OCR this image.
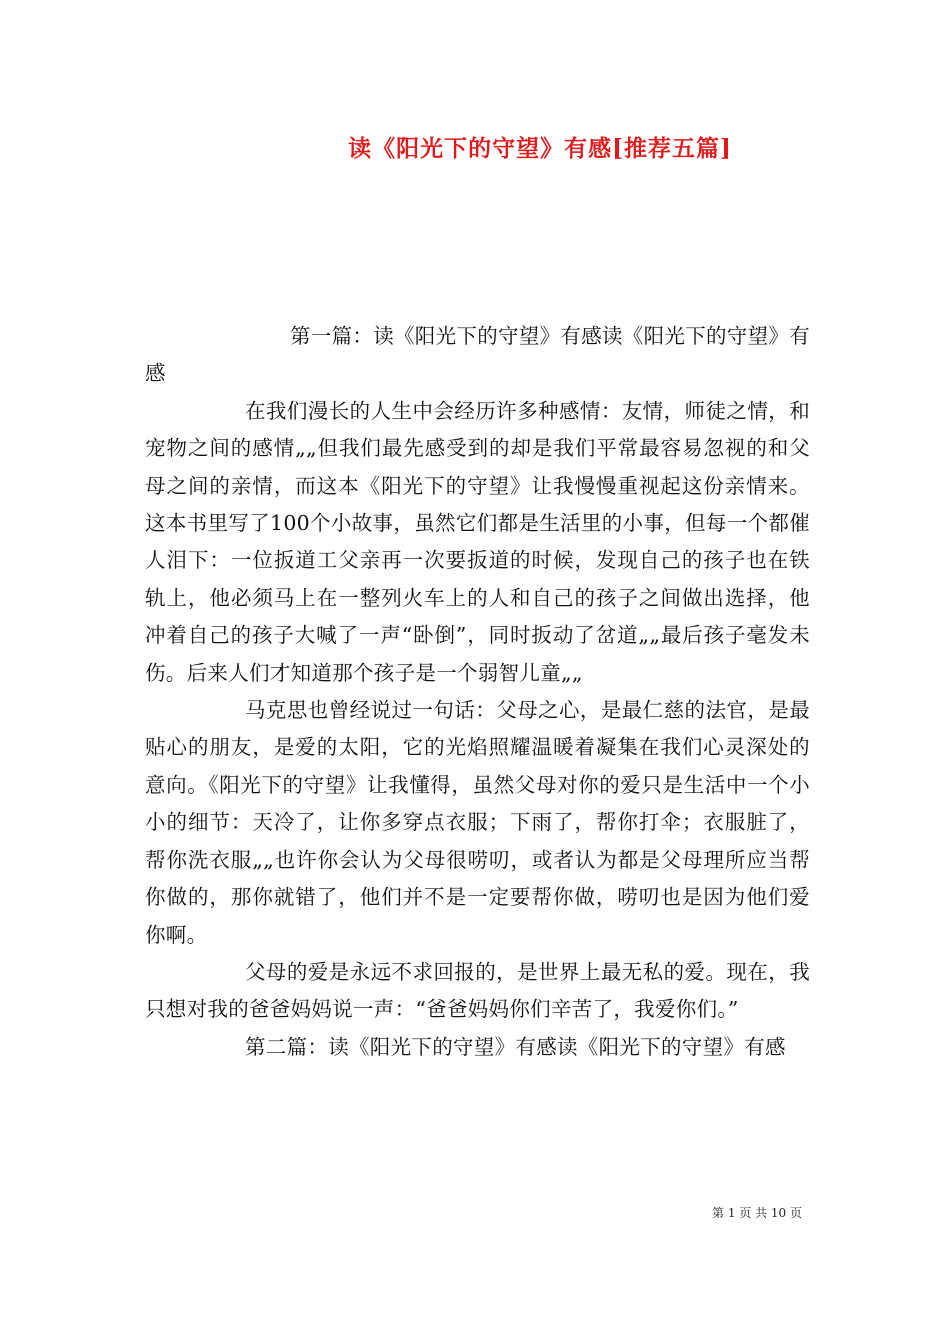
读《阳光下的守望》有感[推荐五篇]

第一篇：读《阳光下的守望》有感读《阳光下的守望》有感

在我们漫长的人生中会经历许多种感情：友情，师徒之情，和宠物之间的感情„„但我们最先感受到的却是我们平常最容易忽视的和父母之间的亲情，而这本《阳光下的守望》让我慢慢重视起这份亲情来。这本书里写了100个小故事，虽然它们都是生活里的小事，但每一个都催人泪下：一位扳道工父亲再一次要扳道的时候，发现自己的孩子也在铁轨上，他必须马上在一整列火车上的人和自己的孩子之间做出选择，他冲着自己的孩子大喊了一声“卧倒”，同时扳动了岔道„„最后孩子毫发未伤。后来人们才知道那个孩子是一个弱智儿童„„

马克思也曾经说过一句话：父母之心，是最仁慈的法官，是最贴心的朋友，是爱的太阳，它的光焰照耀温暖着凝集在我们心灵深处的意向。《阳光下的守望》让我懂得，虽然父母对你的爱只是生活中一个小小的细节：天冷了，让你多穿点衣服；下雨了，帮你打伞；衣服脏了，帮你洗衣服„„也许你会认为父母很唠叨，或者认为都是父母理所应当帮你做的，那你就错了，他们并不是一定要帮你做，唠叨也是因为他们爱你啊。

父母的爱是永远不求回报的，是世界上最无私的爱。现在，我只想对我的爸爸妈妈说一声：“爸爸妈妈你们辛苦了，我爱你们。”

第二篇：读《阳光下的守望》有感读《阳光下的守望》有感

第 1 页 共 10 页
